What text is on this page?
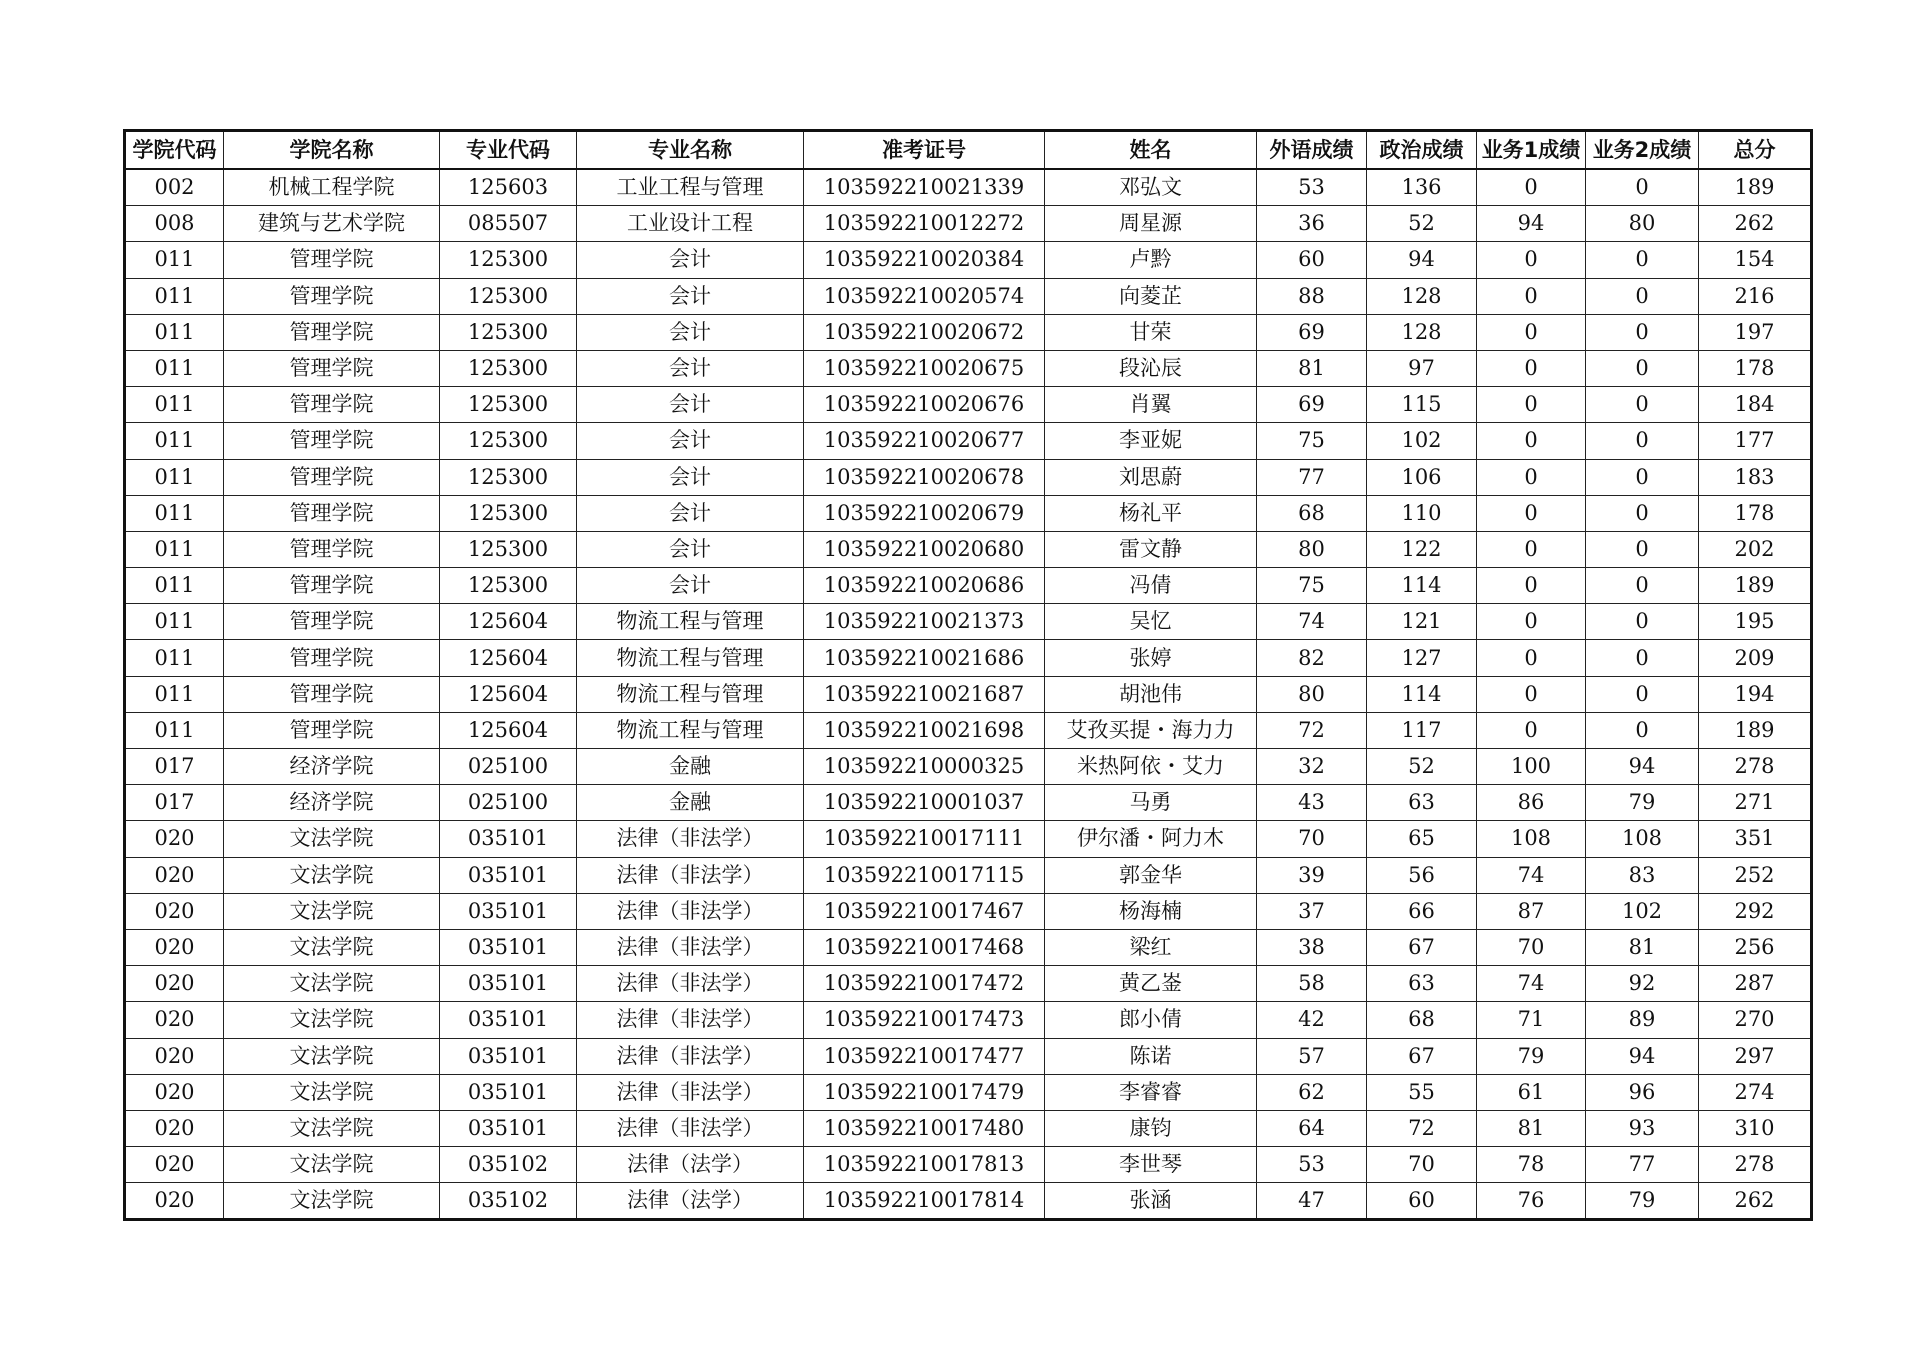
学院代码	学院名称	专业代码	专业名称	准考证号	姓名	外语成绩	政治成绩	业务1成绩	业务2成绩	总分
002	机械工程学院	125603	工业工程与管理	103592210021339	邓弘文	53	136	0	0	189
008	建筑与艺术学院	085507	工业设计工程	103592210012272	周星源	36	52	94	80	262
011	管理学院	125300	会计	103592210020384	卢黔	60	94	0	0	154
011	管理学院	125300	会计	103592210020574	向菱芷	88	128	0	0	216
011	管理学院	125300	会计	103592210020672	甘荣	69	128	0	0	197
011	管理学院	125300	会计	103592210020675	段沁辰	81	97	0	0	178
011	管理学院	125300	会计	103592210020676	肖翼	69	115	0	0	184
011	管理学院	125300	会计	103592210020677	李亚妮	75	102	0	0	177
011	管理学院	125300	会计	103592210020678	刘思蔚	77	106	0	0	183
011	管理学院	125300	会计	103592210020679	杨礼平	68	110	0	0	178
011	管理学院	125300	会计	103592210020680	雷文静	80	122	0	0	202
011	管理学院	125300	会计	103592210020686	冯倩	75	114	0	0	189
011	管理学院	125604	物流工程与管理	103592210021373	吴忆	74	121	0	0	195
011	管理学院	125604	物流工程与管理	103592210021686	张婷	82	127	0	0	209
011	管理学院	125604	物流工程与管理	103592210021687	胡池伟	80	114	0	0	194
011	管理学院	125604	物流工程与管理	103592210021698	艾孜买提・海力力	72	117	0	0	189
017	经济学院	025100	金融	103592210000325	米热阿依・艾力	32	52	100	94	278
017	经济学院	025100	金融	103592210001037	马勇	43	63	86	79	271
020	文法学院	035101	法律（非法学）	103592210017111	伊尔潘・阿力木	70	65	108	108	351
020	文法学院	035101	法律（非法学）	103592210017115	郭金华	39	56	74	83	252
020	文法学院	035101	法律（非法学）	103592210017467	杨海楠	37	66	87	102	292
020	文法学院	035101	法律（非法学）	103592210017468	梁红	38	67	70	81	256
020	文法学院	035101	法律（非法学）	103592210017472	黄乙崟	58	63	74	92	287
020	文法学院	035101	法律（非法学）	103592210017473	郎小倩	42	68	71	89	270
020	文法学院	035101	法律（非法学）	103592210017477	陈诺	57	67	79	94	297
020	文法学院	035101	法律（非法学）	103592210017479	李睿睿	62	55	61	96	274
020	文法学院	035101	法律（非法学）	103592210017480	康钧	64	72	81	93	310
020	文法学院	035102	法律（法学）	103592210017813	李世琴	53	70	78	77	278
020	文法学院	035102	法律（法学）	103592210017814	张涵	47	60	76	79	262
